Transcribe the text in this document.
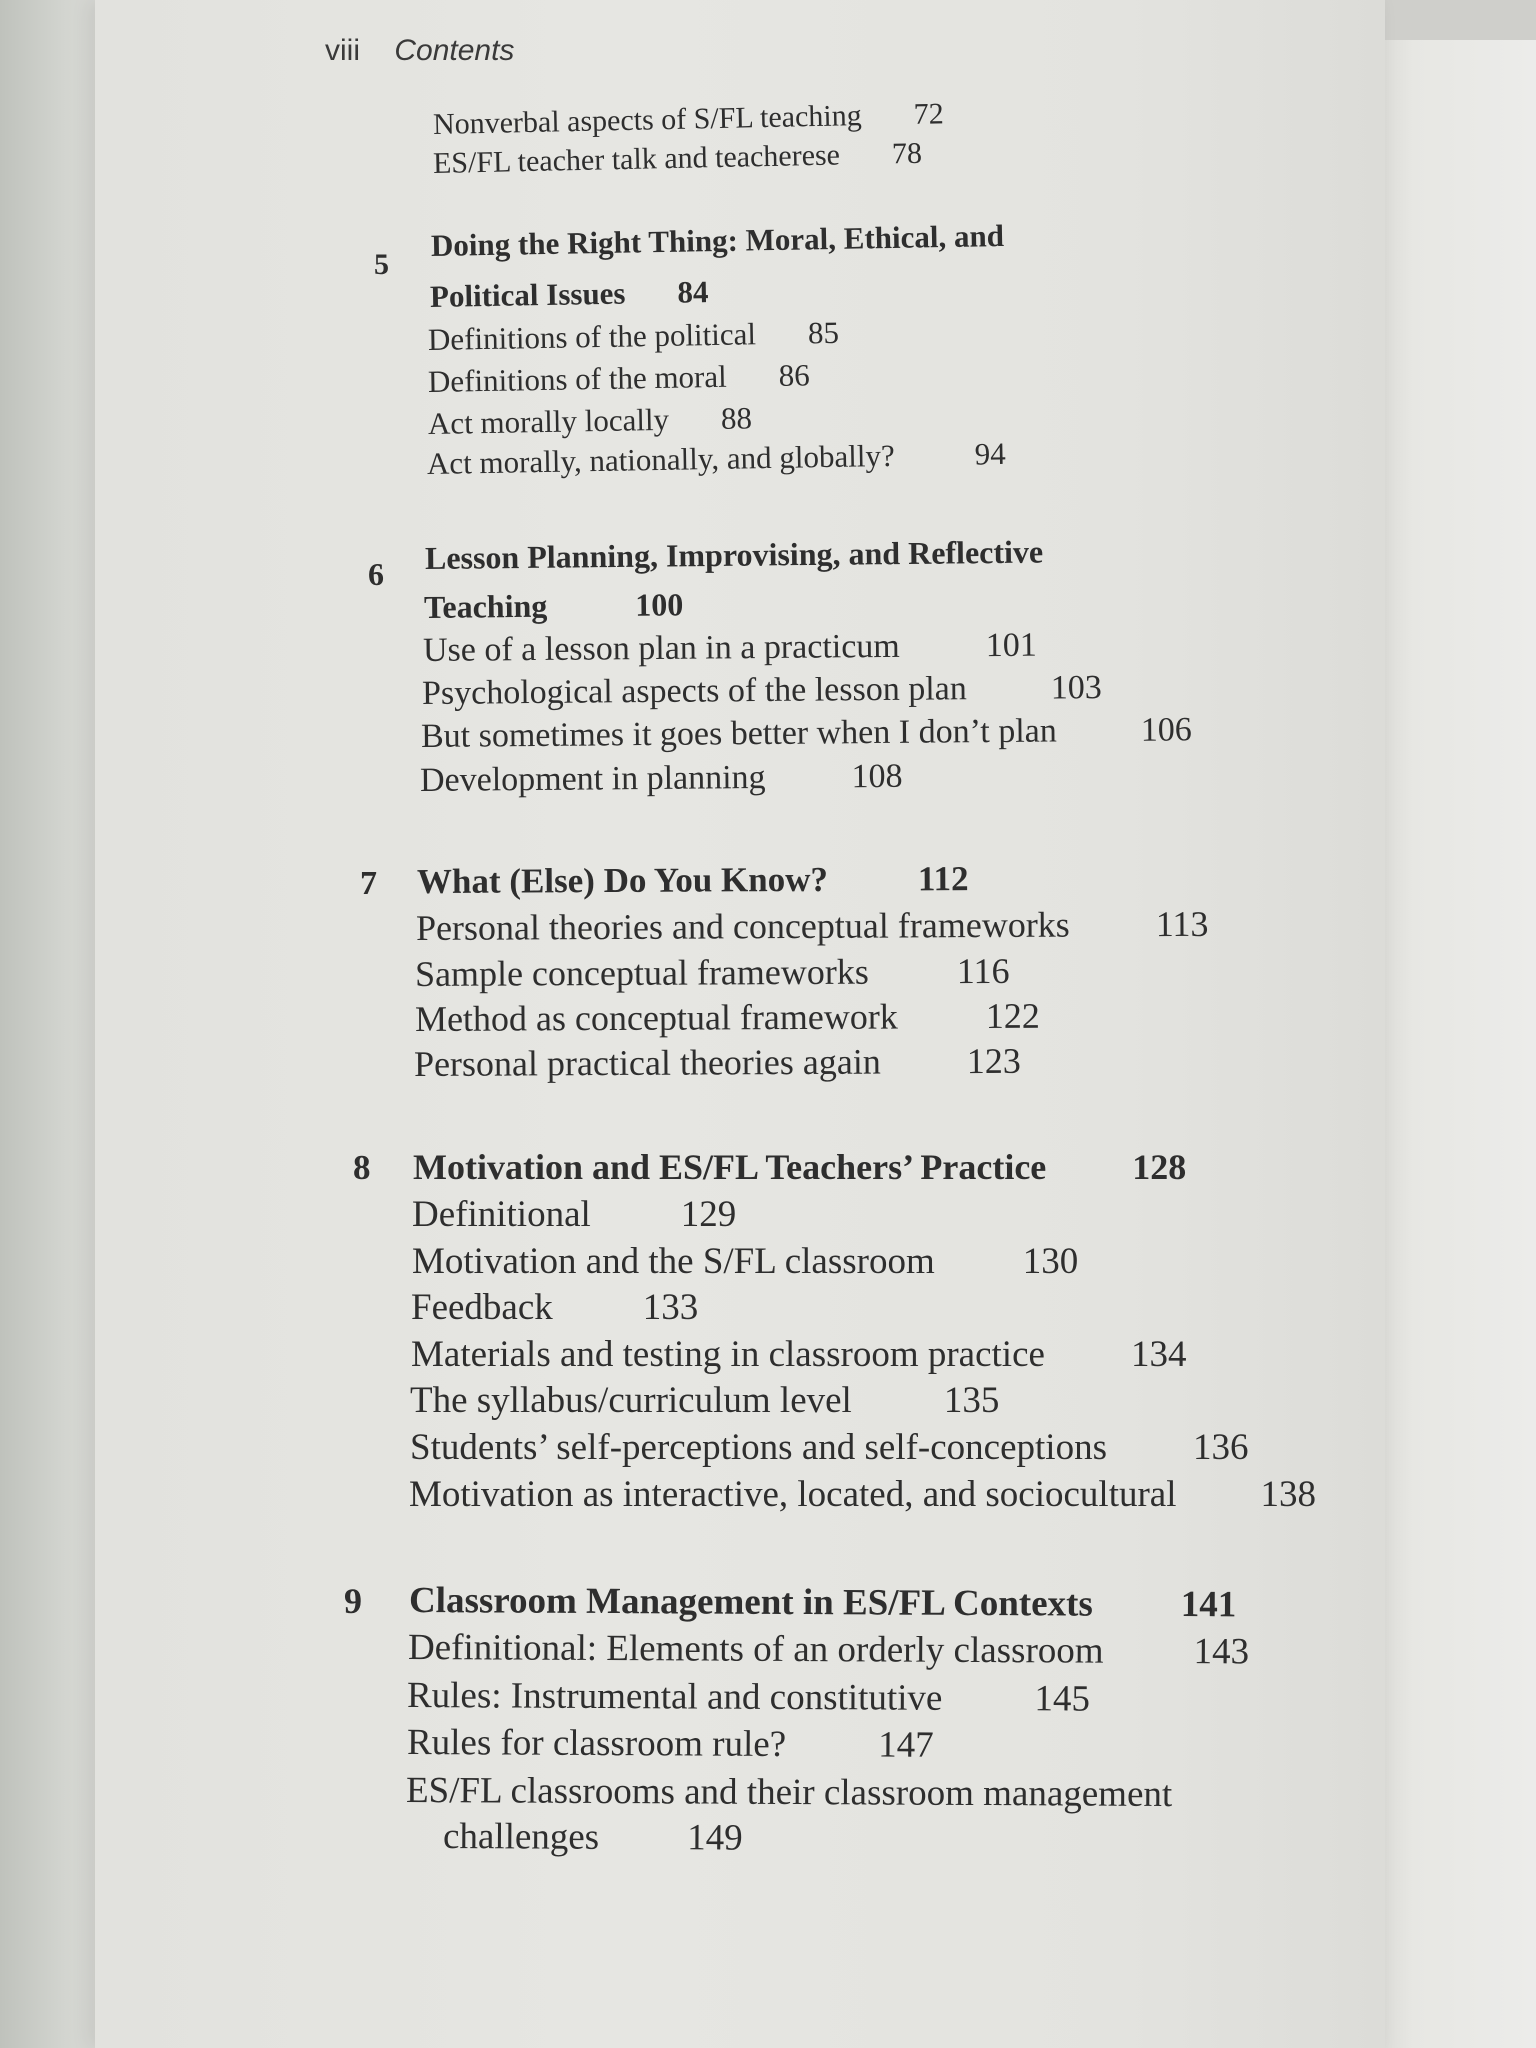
viii Contents
Nonverbal aspects of S/FL teaching 72
ES/FL teacher talk and teacherese 78
5
Doing the Right Thing: Moral, Ethical, and
Political Issues 84
Definitions of the political 85
Definitions of the moral 86
Act morally locally 88
Act morally, nationally, and globally?	94
6 Lesson Planning, Improvising, and Reflective
Teaching	100
Use of a lesson plan in a practicum	101
Psychological aspects of the lesson plan 103
But sometimes it goes better when I don’t plan 106
Development in planning	108
7 What (Else) Do You Know?	112
Personal theories and conceptual frameworks 113
Sample conceptual frameworks 116
Method as conceptual framework 122
Personal practical theories again 123
8 Motivation and ES/FL Teachers’ Practice 128
Definitional 129
Motivation and the S/FL classroom 130
Feedback 133
Materials and testing in classroom practice 134
The syllabus/curriculum level 135
Students’ self-perceptions and self-conceptions 136
Motivation as interactive, located, and sociocultural 138
9 Classroom Management in ES/FL Contexts 141
Definitional: Elements of an orderly classroom 143
Rules: Instrumental and constitutive 145
Rules for classroom rule? 147
ES/FL classrooms and their classroom management
challenges 149
